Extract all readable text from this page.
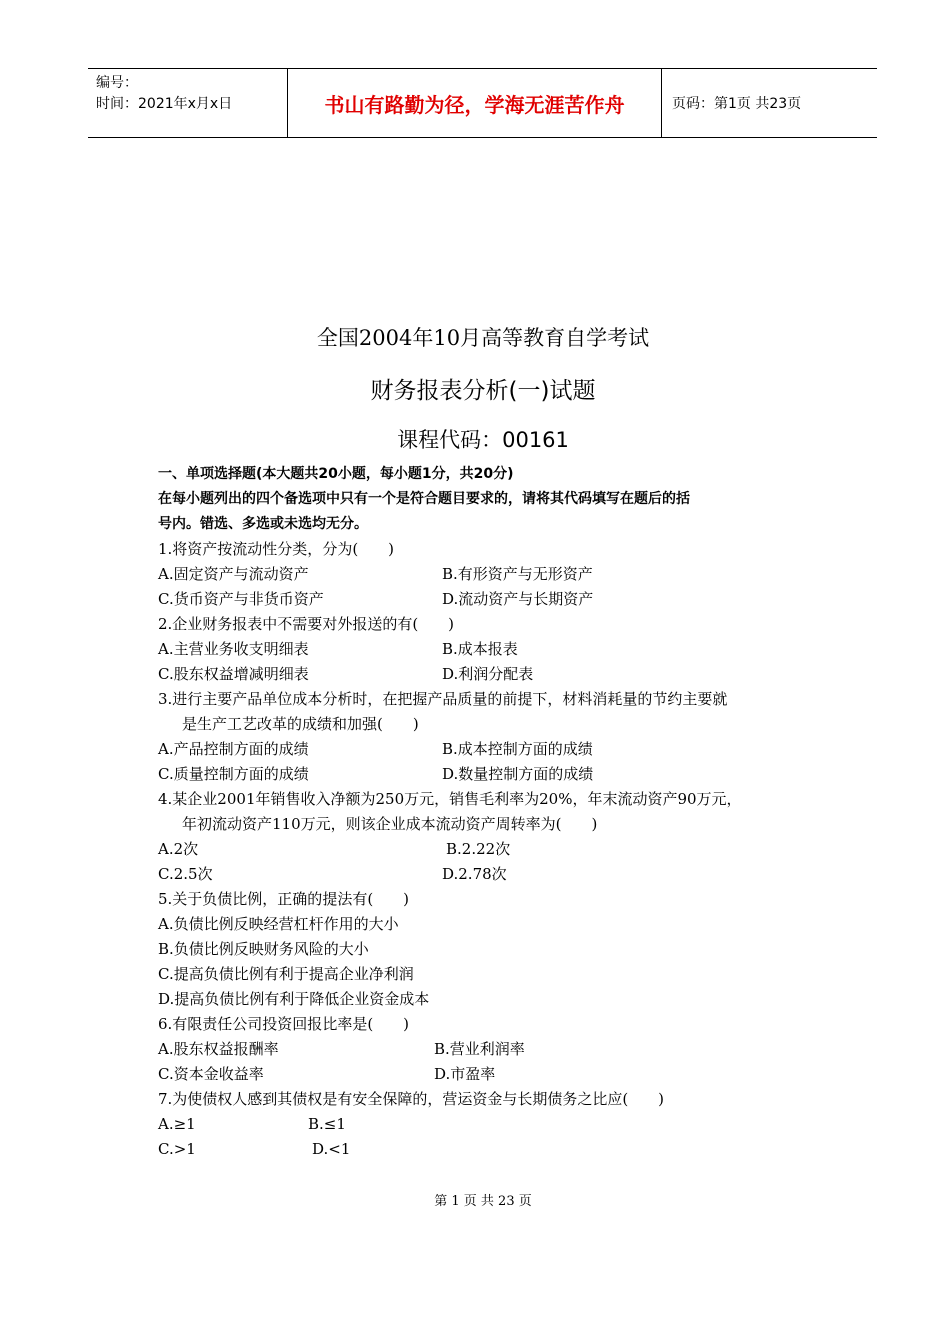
编号：
时间：2021年x月x日	书山有路勤为径，学海无涯苦作舟	页码：第1页 共23页
全国2004年10月高等教育自学考试
财务报表分析(一)试题
课程代码：00161
一、单项选择题(本大题共20小题，每小题1分，共20分)
在每小题列出的四个备选项中只有一个是符合题目要求的，请将其代码填写在题后的括
号内。错选、多选或未选均无分。
1.将资产按流动性分类，分为(　　)
A.固定资产与流动资产	B.有形资产与无形资产
C.货币资产与非货币资产	D.流动资产与长期资产
2.企业财务报表中不需要对外报送的有(　　)
A.主营业务收支明细表	B.成本报表
C.股东权益增减明细表	D.利润分配表
3.进行主要产品单位成本分析时，在把握产品质量的前提下，材料消耗量的节约主要就
是生产工艺改革的成绩和加强(　　)
A.产品控制方面的成绩	B.成本控制方面的成绩
C.质量控制方面的成绩	D.数量控制方面的成绩
4.某企业2001年销售收入净额为250万元，销售毛利率为20%，年末流动资产90万元，
年初流动资产110万元，则该企业成本流动资产周转率为(　　)
A.2次	B.2.22次
C.2.5次	D.2.78次
5.关于负债比例，正确的提法有(　　)
A.负债比例反映经营杠杆作用的大小
B.负债比例反映财务风险的大小
C.提高负债比例有利于提高企业净利润
D.提高负债比例有利于降低企业资金成本
6.有限责任公司投资回报比率是(　　)
A.股东权益报酬率	B.营业利润率
C.资本金收益率	D.市盈率
7.为使债权人感到其债权是有安全保障的，营运资金与长期债务之比应(　　)
A.≥1	B.≤1
C.>1	D.<1
第 1 页 共 23 页
